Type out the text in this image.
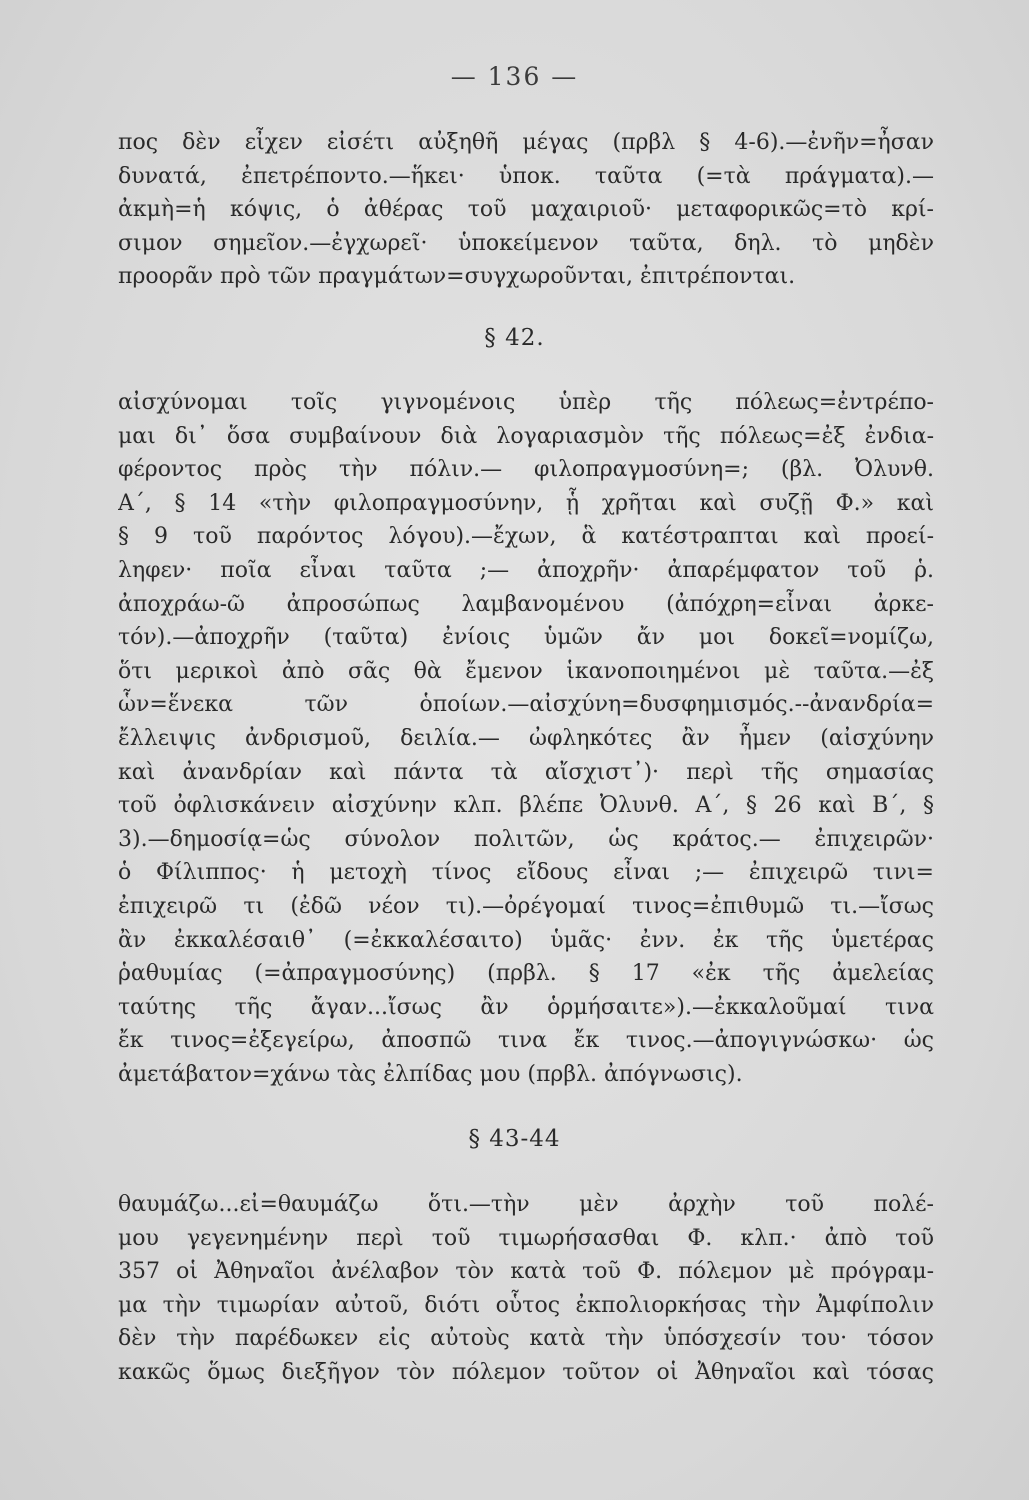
— 136 —
πος δὲν εἶχεν εἰσέτι αὐξηθῆ μέγας (πρβλ § 4-6).—ἐνῆν=ἦσαν
δυνατά, ἐπετρέποντο.—ἥκει· ὑποκ. ταῦτα (=τὰ πράγματα).—
ἀκμὴ=ἡ κόψις, ὁ ἀθέρας τοῦ μαχαιριοῦ· μεταφορικῶς=τὸ κρί-
σιμον σημεῖον.—ἐγχωρεῖ· ὑποκείμενον ταῦτα, δηλ. τὸ μηδὲν
προορᾶν πρὸ τῶν πραγμάτων=συγχωροῦνται, ἐπιτρέπονται.
§ 42.
αἰσχύνομαι τοῖς γιγνομένοις ὑπὲρ τῆς πόλεως=ἐντρέπο-
μαι δι᾽ ὅσα συμβαίνουν διὰ λογαριασμὸν τῆς πόλεως=ἐξ ἐνδια-
φέροντος πρὸς τὴν πόλιν.— φιλοπραγμοσύνη=; (βλ. Ὀλυνθ.
Α΄, § 14 «τὴν φιλοπραγμοσύνην, ᾗ χρῆται καὶ συζῇ Φ.» καὶ
§ 9 τοῦ παρόντος λόγου).—ἔχων, ἃ κατέστραπται καὶ προεί-
ληφεν· ποῖα εἶναι ταῦτα ;— ἀποχρῆν· ἀπαρέμφατον τοῦ ῥ.
ἀποχράω-ῶ ἀπροσώπως λαμβανομένου (ἀπόχρη=εἶναι ἀρκε-
τόν).—ἀποχρῆν (ταῦτα) ἐνίοις ὑμῶν ἄν μοι δοκεῖ=νομίζω,
ὅτι μερικοὶ ἀπὸ σᾶς θὰ ἔμενον ἱκανοποιημένοι μὲ ταῦτα.—ἐξ
ὧν=ἕνεκα τῶν ὁποίων.—αἰσχύνη=δυσφημισμός.--ἀνανδρία=
ἔλλειψις ἀνδρισμοῦ, δειλία.— ὠφληκότες ἂν ἦμεν (αἰσχύνην
καὶ ἀνανδρίαν καὶ πάντα τὰ αἴσχιστ᾽)· περὶ τῆς σημασίας
τοῦ ὀφλισκάνειν αἰσχύνην κλπ. βλέπε Ὀλυνθ. Α΄, § 26 καὶ Β΄, §
3).—δημοσίᾳ=ὡς σύνολον πολιτῶν, ὡς κράτος.— ἐπιχειρῶν·
ὁ Φίλιππος· ἡ μετοχὴ τίνος εἴδους εἶναι ;— ἐπιχειρῶ τινι=
ἐπιχειρῶ τι (ἐδῶ νέον τι).—ὀρέγομαί τινος=ἐπιθυμῶ τι.—ἴσως
ἂν ἐκκαλέσαιθ᾽ (=ἐκκαλέσαιτο) ὑμᾶς· ἐνν. ἐκ τῆς ὑμετέρας
ῥαθυμίας (=ἀπραγμοσύνης) (πρβλ. § 17 «ἐκ τῆς ἀμελείας
ταύτης τῆς ἄγαν...ἴσως ἂν ὁρμήσαιτε»).—ἐκκαλοῦμαί τινα
ἔκ τινος=ἐξεγείρω, ἀποσπῶ τινα ἔκ τινος.—ἀπογιγνώσκω· ὡς
ἀμετάβατον=χάνω τὰς ἐλπίδας μου (πρβλ. ἀπόγνωσις).
§ 43-44
θαυμάζω...εἰ=θαυμάζω ὅτι.—τὴν μὲν ἀρχὴν τοῦ πολέ-
μου γεγενημένην περὶ τοῦ τιμωρήσασθαι Φ. κλπ.· ἀπὸ τοῦ
357 οἱ Ἀθηναῖοι ἀνέλαβον τὸν κατὰ τοῦ Φ. πόλεμον μὲ πρόγραμ-
μα τὴν τιμωρίαν αὐτοῦ, διότι οὗτος ἐκπολιορκήσας τὴν Ἀμφίπολιν
δὲν τὴν παρέδωκεν εἰς αὐτοὺς κατὰ τὴν ὑπόσχεσίν του· τόσον
κακῶς ὅμως διεξῆγον τὸν πόλεμον τοῦτον οἱ Ἀθηναῖοι καὶ τόσας
